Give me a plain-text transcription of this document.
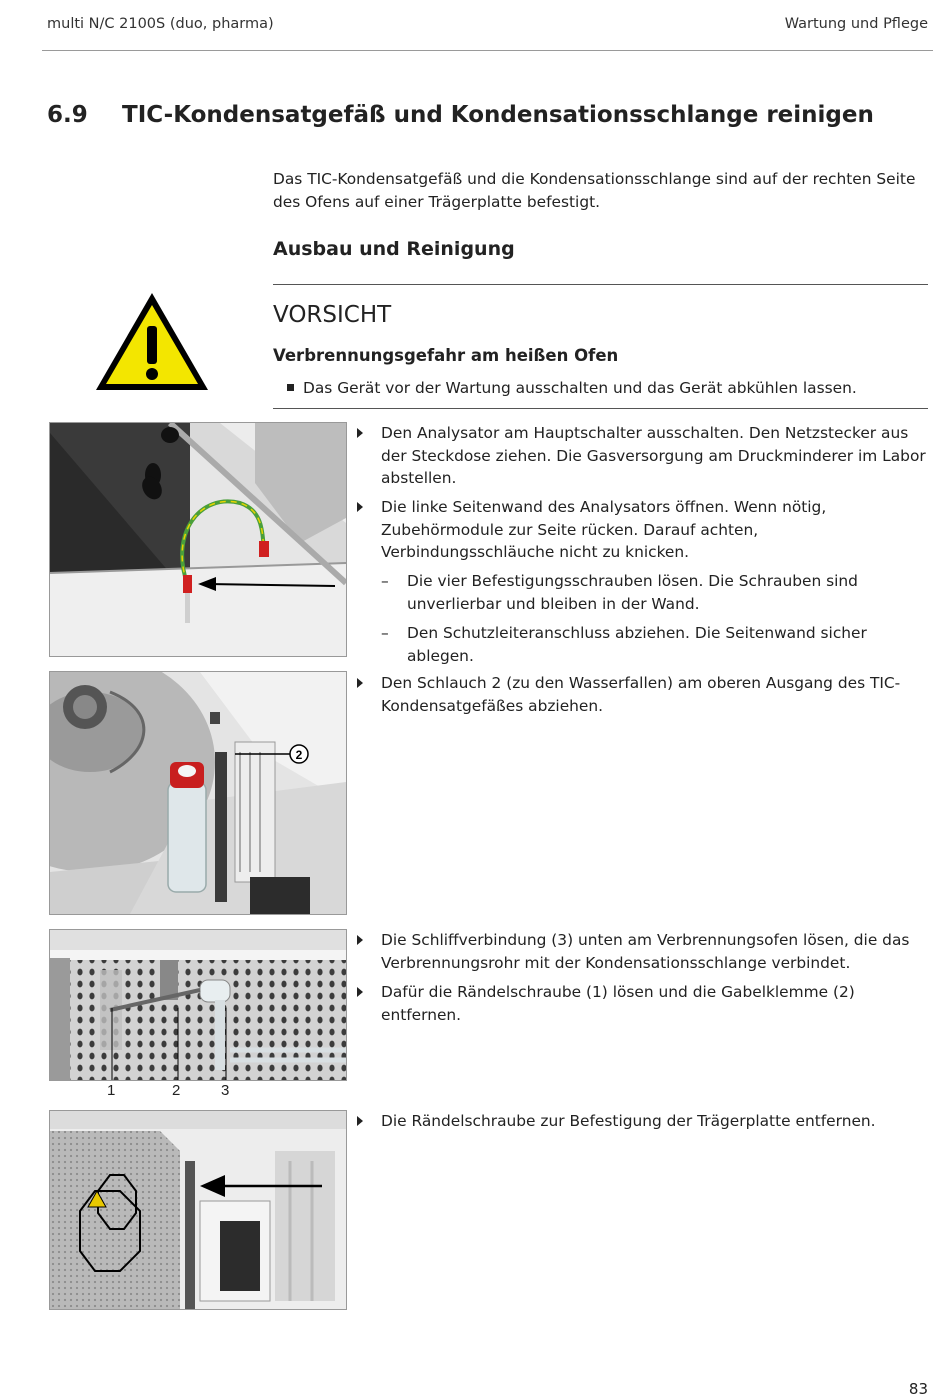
multi N/C 2100S (duo, pharma)	Wartung und Pflege
6.9 TIC-Kondensatgefäß und Kondensationsschlange reinigen
Das TIC-Kondensatgefäß und die Kondensationsschlange sind auf der rechten Seite des Ofens auf einer Trägerplatte befestigt.
Ausbau und Reinigung
VORSICHT
Verbrennungsgefahr am heißen Ofen
Das Gerät vor der Wartung ausschalten und das Gerät abkühlen lassen.
Den Analysator am Hauptschalter ausschalten. Den Netzstecker aus der Steckdose ziehen. Die Gasversorgung am Druckminderer im Labor abstellen.
Die linke Seitenwand des Analysators öffnen. Wenn nötig, Zubehörmodule zur Seite rücken. Darauf achten, Verbindungsschläuche nicht zu knicken.
– Die vier Befestigungsschrauben lösen. Die Schrauben sind unverlierbar und bleiben in der Wand.
– Den Schutzleiteranschluss abziehen. Die Seitenwand sicher ablegen.
2
Den Schlauch 2 (zu den Wasserfallen) am oberen Ausgang des TIC-Kondensatgefäßes abziehen.
1	2	3
Die Schliffverbindung (3) unten am Verbrennungsofen lösen, die das Verbrennungsrohr mit der Kondensationsschlange verbindet.
Dafür die Rändelschraube (1) lösen und die Gabelklemme (2) entfernen.
Die Rändelschraube zur Befestigung der Trägerplatte entfernen.
83
